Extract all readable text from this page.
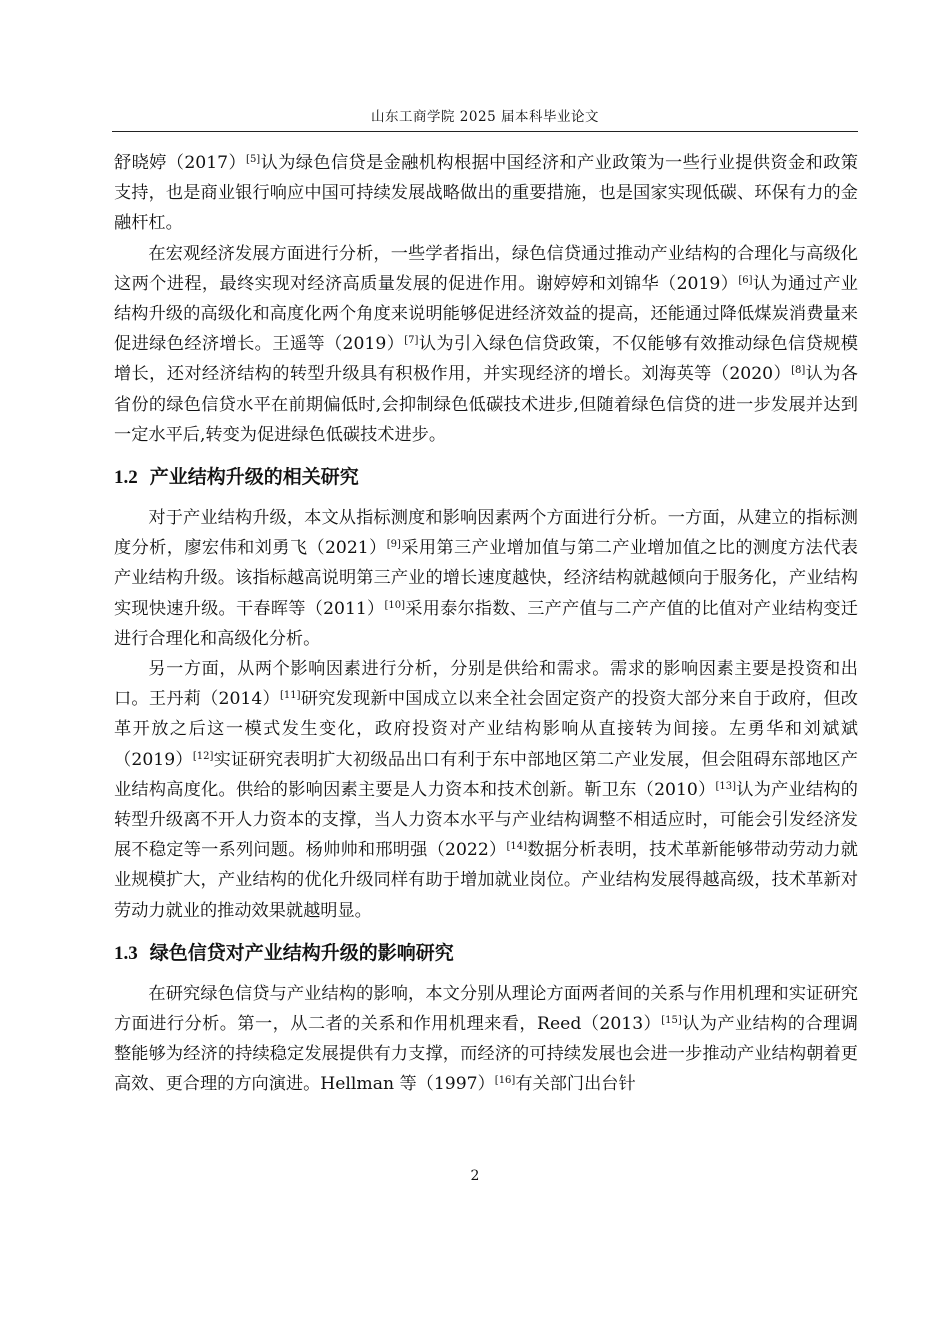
山东工商学院 2025 届本科毕业论文

舒晓婷（2017）[5]认为绿色信贷是金融机构根据中国经济和产业政策为一些行业提供资金和政策支持，也是商业银行响应中国可持续发展战略做出的重要措施，也是国家实现低碳、环保有力的金融杆杠。

在宏观经济发展方面进行分析，一些学者指出，绿色信贷通过推动产业结构的合理化与高级化这两个进程，最终实现对经济高质量发展的促进作用。谢婷婷和刘锦华（2019）[6]认为通过产业结构升级的高级化和高度化两个角度来说明能够促进经济效益的提高，还能通过降低煤炭消费量来促进绿色经济增长。王遥等（2019）[7]认为引入绿色信贷政策，不仅能够有效推动绿色信贷规模增长，还对经济结构的转型升级具有积极作用，并实现经济的增长。刘海英等（2020）[8]认为各省份的绿色信贷水平在前期偏低时,会抑制绿色低碳技术进步,但随着绿色信贷的进一步发展并达到一定水平后,转变为促进绿色低碳技术进步。

1.2 产业结构升级的相关研究

对于产业结构升级，本文从指标测度和影响因素两个方面进行分析。一方面，从建立的指标测度分析，廖宏伟和刘勇飞（2021）[9]采用第三产业增加值与第二产业增加值之比的测度方法代表产业结构升级。该指标越高说明第三产业的增长速度越快，经济结构就越倾向于服务化，产业结构实现快速升级。干春晖等（2011）[10]采用泰尔指数、三产产值与二产产值的比值对产业结构变迁进行合理化和高级化分析。

另一方面，从两个影响因素进行分析，分别是供给和需求。需求的影响因素主要是投资和出口。王丹莉（2014）[11]研究发现新中国成立以来全社会固定资产的投资大部分来自于政府，但改革开放之后这一模式发生变化，政府投资对产业结构影响从直接转为间接。左勇华和刘斌斌（2019）[12]实证研究表明扩大初级品出口有利于东中部地区第二产业发展，但会阻碍东部地区产业结构高度化。供给的影响因素主要是人力资本和技术创新。靳卫东（2010）[13]认为产业结构的转型升级离不开人力资本的支撑，当人力资本水平与产业结构调整不相适应时，可能会引发经济发展不稳定等一系列问题。杨帅帅和邢明强（2022）[14]数据分析表明，技术革新能够带动劳动力就业规模扩大，产业结构的优化升级同样有助于增加就业岗位。产业结构发展得越高级，技术革新对劳动力就业的推动效果就越明显。

1.3 绿色信贷对产业结构升级的影响研究

在研究绿色信贷与产业结构的影响，本文分别从理论方面两者间的关系与作用机理和实证研究方面进行分析。第一，从二者的关系和作用机理来看，Reed（2013）[15]认为产业结构的合理调整能够为经济的持续稳定发展提供有力支撑，而经济的可持续发展也会进一步推动产业结构朝着更高效、更合理的方向演进。Hellman 等（1997）[16]有关部门出台针

2
